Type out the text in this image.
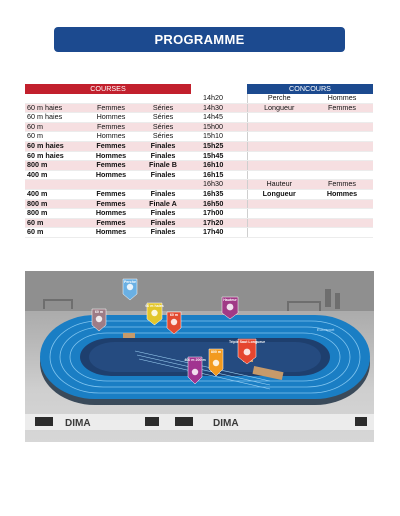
PROGRAMME
COURSES				CONCOURS	
			14h20	Perche	Hommes
60 m haies	Femmes	Séries	14h30	Longueur	Femmes
60 m haies	Hommes	Séries	14h45		
60 m	Femmes	Séries	15h00		
60 m	Hommes	Séries	15h10		
60 m haies	Femmes	Finales	15h25		
60 m haies	Hommes	Finales	15h45		
800 m	Femmes	Finale B	16h10		
400 m	Hommes	Finales	16h15		
			16h30	Hauteur	Femmes
400 m	Femmes	Finales	16h35	Longueur	Hommes
800 m	Femmes	Finale A	16h50		
800 m	Hommes	Finales	17h00		
60 m	Femmes	Finales	17h20		
60 m	Hommes	Finales	17h40		
DIMA	DIMA
Eurosport
Perche
Hauteur
60 m
60 m haies
60 m
400 m 200 m
800 m
Triple Saut Longueur
